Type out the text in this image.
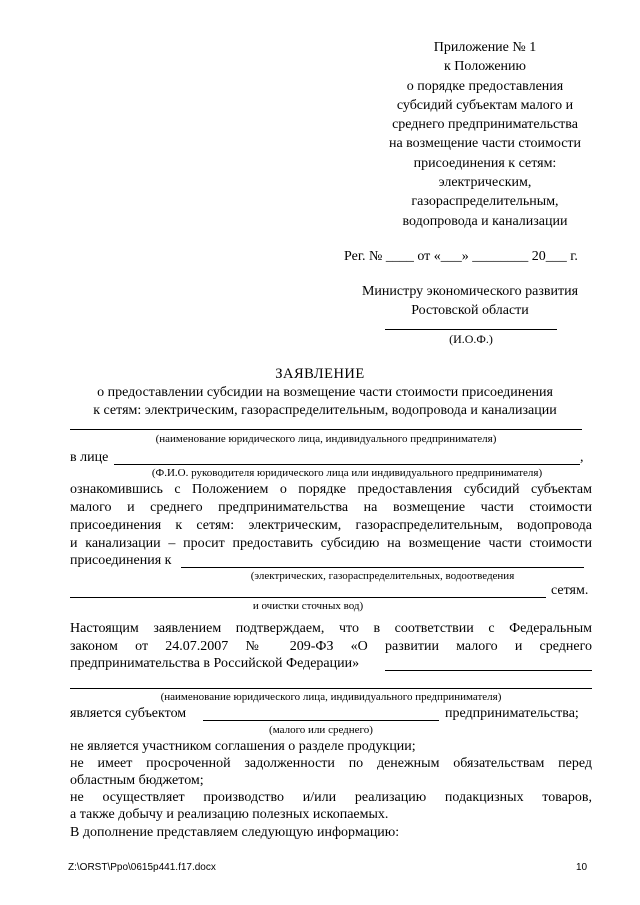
Приложение № 1
к Положению
о порядке предоставления
субсидий субъектам малого и
среднего предпринимательства
на возмещение части стоимости
присоединения к сетям:
электрическим,
газораспределительным,
водопровода и канализации
Рег. № ____ от «___» ________ 20___ г.
Министру экономического развития
Ростовской области
(И.О.Ф.)
ЗАЯВЛЕНИЕ
о предоставлении субсидии на возмещение части стоимости присоединения
к сетям: электрическим, газораспределительным, водопровода и канализации
(наименование юридического лица, индивидуального предпринимателя)
в лице	,
(Ф.И.О. руководителя юридического лица или индивидуального предпринимателя)
ознакомившись с Положением о порядке предоставления субсидий субъектам
малого и среднего предпринимательства на возмещение части стоимости
присоединения к сетям: электрическим, газораспределительным, водопровода
и канализации – просит предоставить субсидию на возмещение части стоимости
присоединения к
(электрических, газораспределительных, водоотведения
сетям.
и очистки сточных вод)
Настоящим заявлением подтверждаем, что в соответствии с Федеральным
законом от 24.07.2007 № 209-ФЗ «О развитии малого и среднего
предпринимательства в Российской Федерации»
(наименование юридического лица, индивидуального предпринимателя)
является субъектом	предпринимательства;
(малого или среднего)
не является участником соглашения о разделе продукции;
не имеет просроченной задолженности по денежным обязательствам перед
областным бюджетом;
не осуществляет производство и/или реализацию подакцизных товаров,
а также добычу и реализацию полезных ископаемых.
В дополнение представляем следующую информацию:
Z:\ORST\Ppo\0615p441.f17.docx	10
